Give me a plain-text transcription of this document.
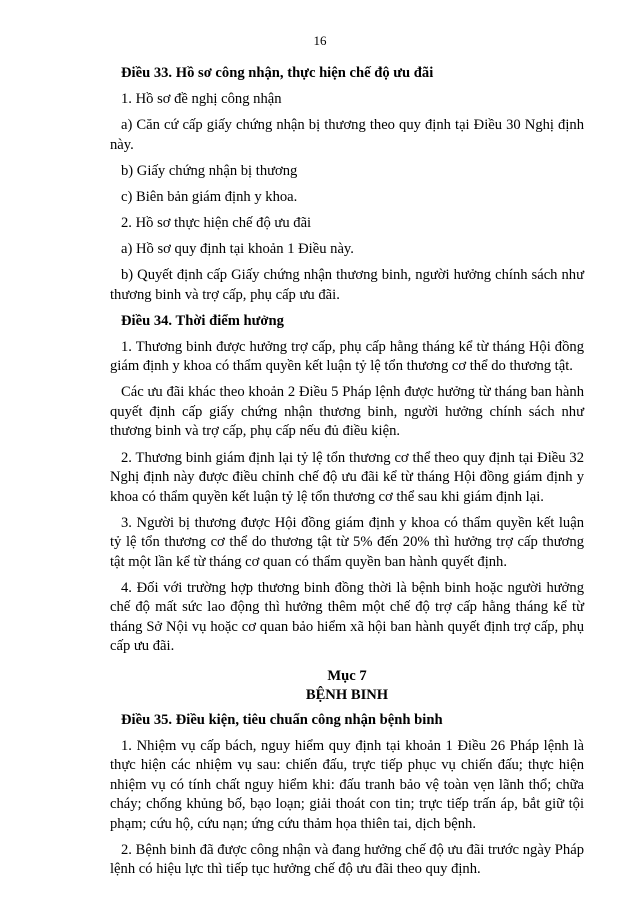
16

Điều 33. Hồ sơ công nhận, thực hiện chế độ ưu đãi

1. Hồ sơ đề nghị công nhận

a) Căn cứ cấp giấy chứng nhận bị thương theo quy định tại Điều 30 Nghị định này.

b) Giấy chứng nhận bị thương

c) Biên bản giám định y khoa.

2. Hồ sơ thực hiện chế độ ưu đãi

a) Hồ sơ quy định tại khoản 1 Điều này.

b) Quyết định cấp Giấy chứng nhận thương binh, người hưởng chính sách như thương binh và trợ cấp, phụ cấp ưu đãi.

Điều 34. Thời điểm hưởng

1. Thương binh được hưởng trợ cấp, phụ cấp hằng tháng kể từ tháng Hội đồng giám định y khoa có thẩm quyền kết luận tỷ lệ tổn thương cơ thể do thương tật.

Các ưu đãi khác theo khoản 2 Điều 5 Pháp lệnh được hưởng từ tháng ban hành quyết định cấp giấy chứng nhận thương binh, người hưởng chính sách như thương binh và trợ cấp, phụ cấp nếu đủ điều kiện.

2. Thương binh giám định lại tỷ lệ tổn thương cơ thể theo quy định tại Điều 32 Nghị định này được điều chỉnh chế độ ưu đãi kể từ tháng Hội đồng giám định y khoa có thẩm quyền kết luận tỷ lệ tổn thương cơ thể sau khi giám định lại.

3. Người bị thương được Hội đồng giám định y khoa có thẩm quyền kết luận tỷ lệ tổn thương cơ thể do thương tật từ 5% đến 20% thì hưởng trợ cấp thương tật một lần kể từ tháng cơ quan có thẩm quyền ban hành quyết định.

4. Đối với trường hợp thương binh đồng thời là bệnh binh hoặc người hưởng chế độ mất sức lao động thì hưởng thêm một chế độ trợ cấp hằng tháng kể từ tháng Sở Nội vụ hoặc cơ quan bảo hiểm xã hội ban hành quyết định trợ cấp, phụ cấp ưu đãi.

Mục 7
BỆNH BINH

Điều 35. Điều kiện, tiêu chuẩn công nhận bệnh binh

1. Nhiệm vụ cấp bách, nguy hiểm quy định tại khoản 1 Điều 26 Pháp lệnh là thực hiện các nhiệm vụ sau: chiến đấu, trực tiếp phục vụ chiến đấu; thực hiện nhiệm vụ có tính chất nguy hiểm khi: đấu tranh bảo vệ toàn vẹn lãnh thổ; chữa cháy; chống khủng bố, bạo loạn; giải thoát con tin; trực tiếp trấn áp, bắt giữ tội phạm; cứu hộ, cứu nạn; ứng cứu thảm họa thiên tai, dịch bệnh.

2. Bệnh binh đã được công nhận và đang hưởng chế độ ưu đãi trước ngày Pháp lệnh có hiệu lực thì tiếp tục hưởng chế độ ưu đãi theo quy định.
